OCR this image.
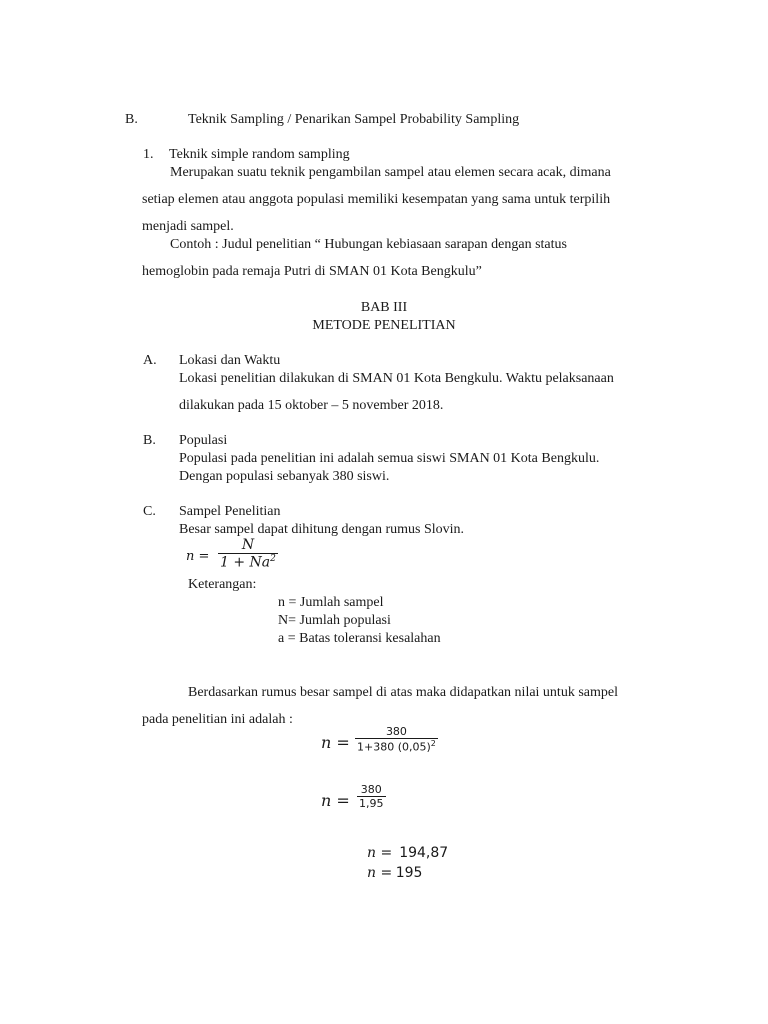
B.	Teknik Sampling / Penarikan Sampel Probability Sampling
1. Teknik simple random sampling
Merupakan suatu teknik pengambilan sampel atau elemen secara acak, dimana
setiap elemen atau anggota populasi memiliki kesempatan yang sama untuk terpilih
menjadi sampel.
Contoh : Judul penelitian “ Hubungan kebiasaan sarapan dengan status
hemoglobin pada remaja Putri di SMAN 01 Kota Bengkulu”
BAB III
METODE PENELITIAN
A. Lokasi dan Waktu
Lokasi penelitian dilakukan di SMAN 01 Kota Bengkulu. Waktu pelaksanaan
dilakukan pada 15 oktober – 5 november 2018.
B. Populasi
Populasi pada penelitian ini adalah semua siswi SMAN 01 Kota Bengkulu.
Dengan populasi sebanyak 380 siswi.
C. Sampel Penelitian
Besar sampel dapat dihitung dengan rumus Slovin.
n =
N
$1 + Na^2$
Keterangan:
n = Jumlah sampel
N= Jumlah populasi
a = Batas toleransi kesalahan
Berdasarkan rumus besar sampel di atas maka didapatkan nilai untuk sampel
pada penelitian ini adalah :
n =
380
1+380 $(0,05)^2$
n =
380
1,95
n = 194,87
n = 195
